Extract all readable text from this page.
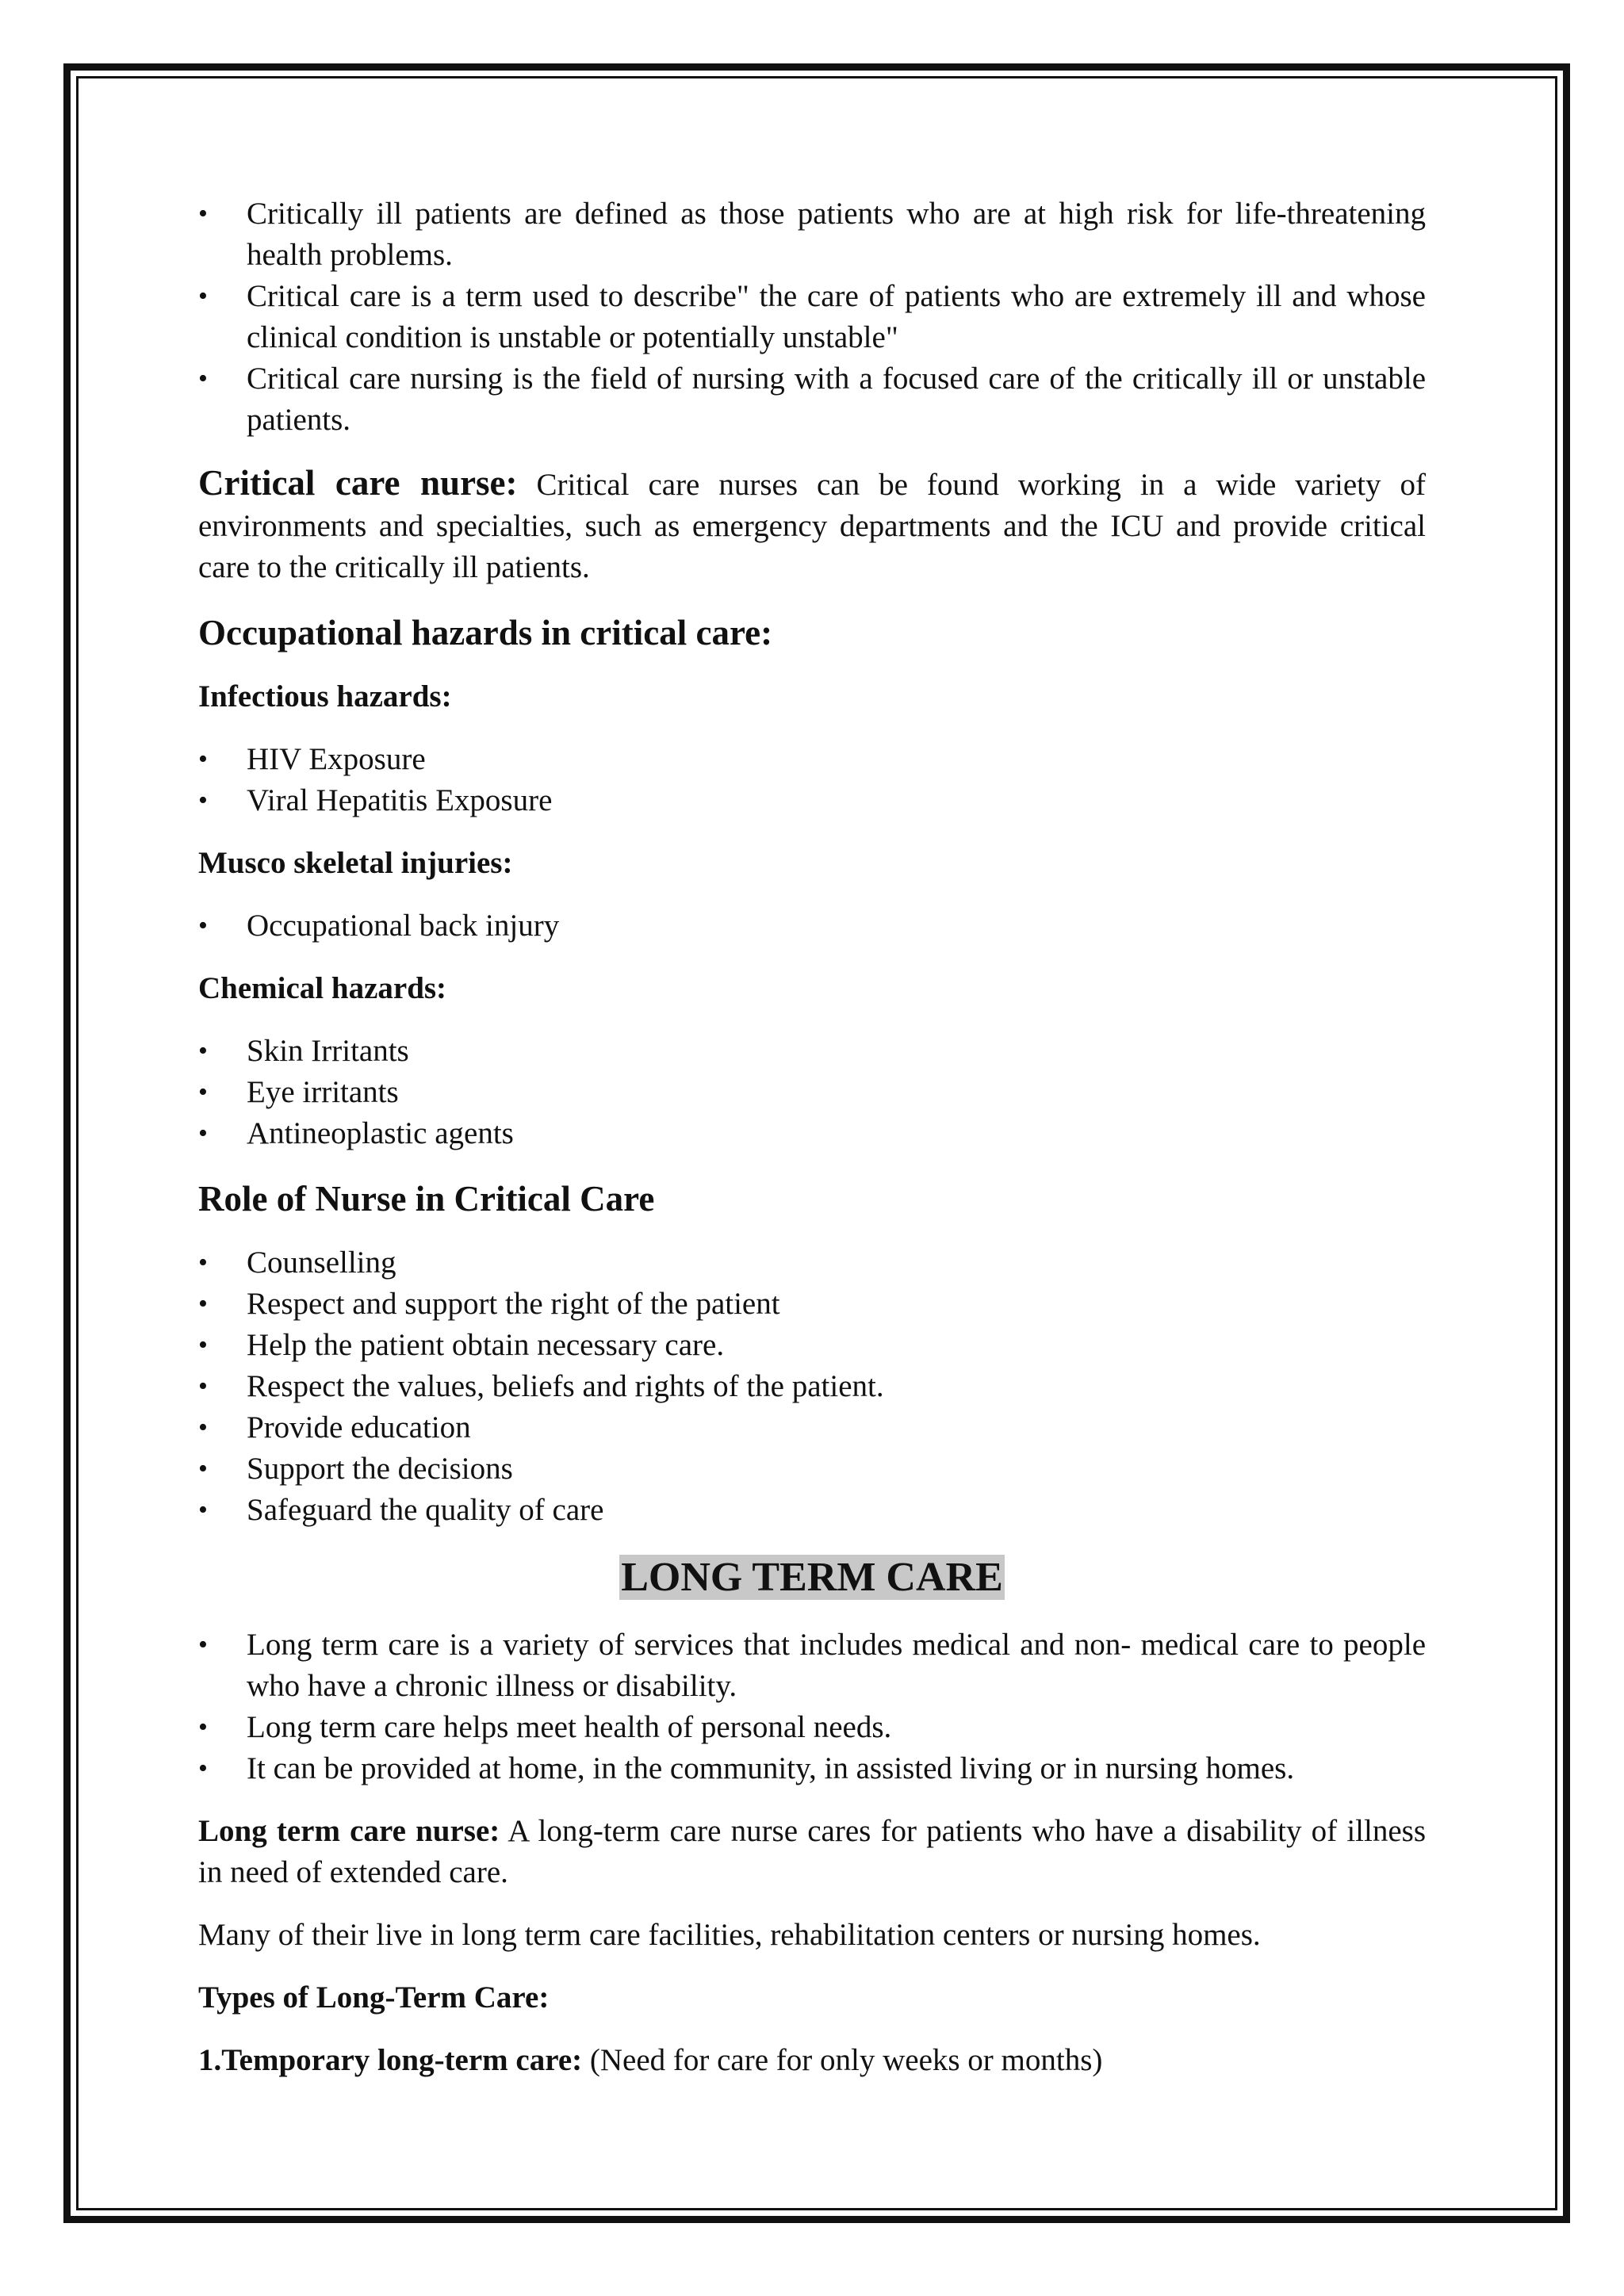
•	Critically ill patients are defined as those patients who are at high risk for life-threatening health problems.
•	Critical care is a term used to describe" the care of patients who are extremely ill and whose clinical condition is unstable or potentially unstable"
•	Critical care nursing is the field of nursing with a focused care of the critically ill or unstable patients.

Critical care nurse: Critical care nurses can be found working in a wide variety of environments and specialties, such as emergency departments and the ICU and provide critical care to the critically ill patients.

Occupational hazards in critical care:

Infectious hazards:

•	HIV Exposure
•	Viral Hepatitis Exposure

Musco skeletal injuries:

•	Occupational back injury

Chemical hazards:

•	Skin Irritants
•	Eye irritants
•	Antineoplastic agents

Role of Nurse in Critical Care

•	Counselling
•	Respect and support the right of the patient
•	Help the patient obtain necessary care.
•	Respect the values, beliefs and rights of the patient.
•	Provide education
•	Support the decisions
•	Safeguard the quality of care

LONG TERM CARE

•	Long term care is a variety of services that includes medical and non- medical care to people who have a chronic illness or disability.
•	Long term care helps meet health of personal needs.
•	It can be provided at home, in the community, in assisted living or in nursing homes.

Long term care nurse: A long-term care nurse cares for patients who have a disability of illness in need of extended care.

Many of their live in long term care facilities, rehabilitation centers or nursing homes.

Types of Long-Term Care:

1.Temporary long-term care: (Need for care for only weeks or months)
